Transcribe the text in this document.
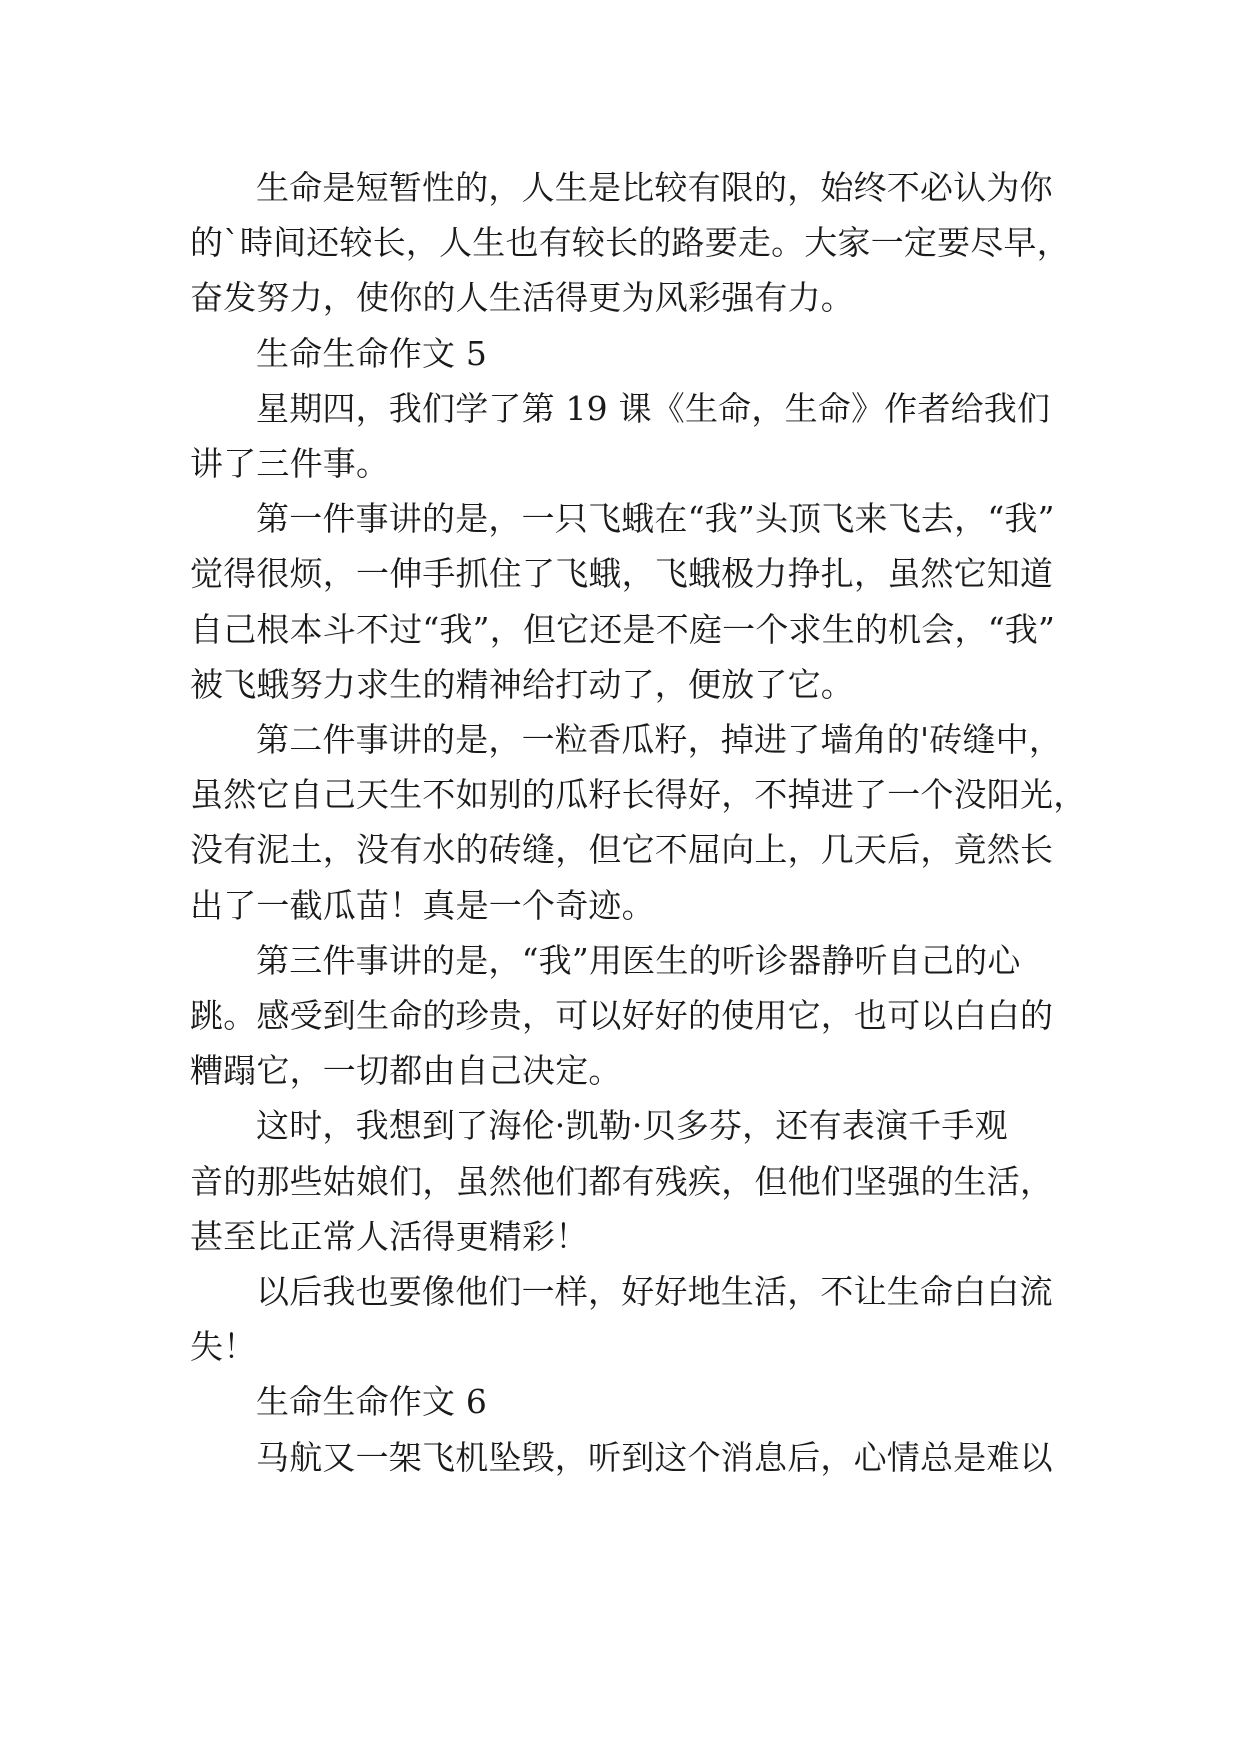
生命是短暂性的，人生是比较有限的，始终不必认为你
的`時间还较长，人生也有较长的路要走。大家一定要尽早，
奋发努力，使你的人生活得更为风彩强有力。
生命生命作文 5
星期四，我们学了第 19 课《生命，生命》作者给我们
讲了三件事。
第一件事讲的是，一只飞蛾在“我”头顶飞来飞去，“我”
觉得很烦，一伸手抓住了飞蛾，飞蛾极力挣扎，虽然它知道
自己根本斗不过“我”，但它还是不庭一个求生的机会，“我”
被飞蛾努力求生的精神给打动了，便放了它。
第二件事讲的是，一粒香瓜籽，掉进了墙角的'砖缝中，
虽然它自己天生不如别的瓜籽长得好，不掉进了一个没阳光，
没有泥土，没有水的砖缝，但它不屈向上，几天后，竟然长
出了一截瓜苗！真是一个奇迹。
第三件事讲的是，“我”用医生的听诊器静听自己的心
跳。感受到生命的珍贵，可以好好的使用它，也可以白白的
糟蹋它，一切都由自己决定。
这时，我想到了海伦·凯勒·贝多芬，还有表演千手观
音的那些姑娘们，虽然他们都有残疾，但他们坚强的生活，
甚至比正常人活得更精彩！
以后我也要像他们一样，好好地生活，不让生命白白流
失！
生命生命作文 6
马航又一架飞机坠毁，听到这个消息后，心情总是难以
